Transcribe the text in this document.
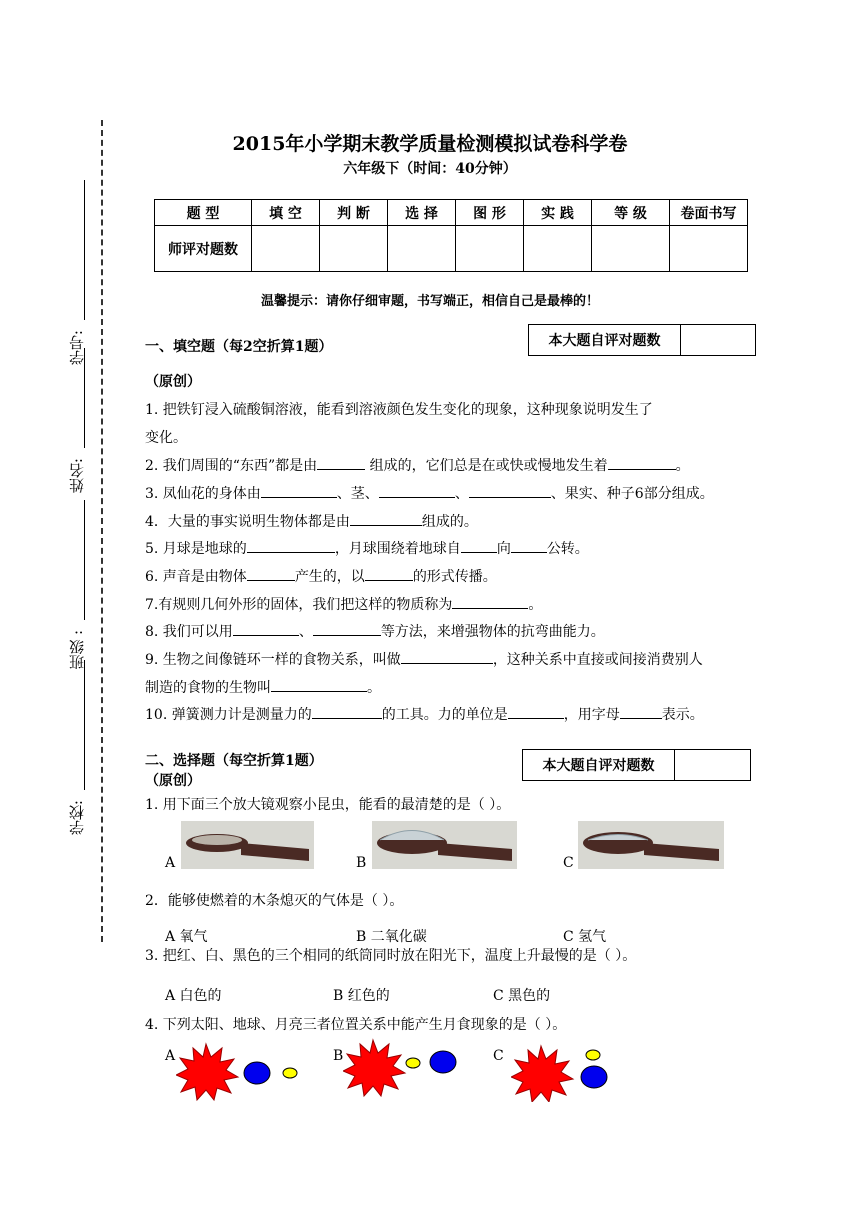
学号:
姓名:
班级 :
学校:
2015年小学期末教学质量检测模拟试卷科学卷
六年级下（时间：40分钟）
题 型	填 空	判 断	选 择	图 形	实 践	等 级	卷面书写
师评对题数							
温馨提示：请你仔细审题，书写端正，相信自己是最棒的！
一、填空题（每2空折算1题）	本大题自评对题数
（原创）
1. 把铁钉浸入硫酸铜溶液，能看到溶液颜色发生变化的现象，这种现象说明发生了
变化。
2. 我们周围的“东西”都是由	组成的，它们总是在或快或慢地发生着	。
3. 凤仙花的身体由	、茎、	、	、果实、种子6部分组成。
4．大量的事实说明生物体都是由	组成的。
5. 月球是地球的	，月球围绕着地球自	向	公转。
6. 声音是由物体	产生的，以	的形式传播。
7.有规则几何外形的固体，我们把这样的物质称为	。
8. 我们可以用	、	等方法，来增强物体的抗弯曲能力。
9. 生物之间像链环一样的食物关系，叫做	，这种关系中直接或间接消费别人
制造的食物的生物叫	。
10. 弹簧测力计是测量力的	的工具。力的单位是	，用字母	表示。
二、选择题（每空折算1题）	本大题自评对题数
（原创）
1. 用下面三个放大镜观察小昆虫，能看的最清楚的是（ ）。
A	B	C
2．能够使燃着的木条熄灭的气体是（ ）。
A 氧气	B 二氧化碳	C 氢气
3. 把红、白、黑色的三个相同的纸筒同时放在阳光下，温度上升最慢的是（ ）。
A 白色的	B 红色的	C 黑色的
4. 下列太阳、地球、月亮三者位置关系中能产生月食现象的是（ ）。
A	B	C
